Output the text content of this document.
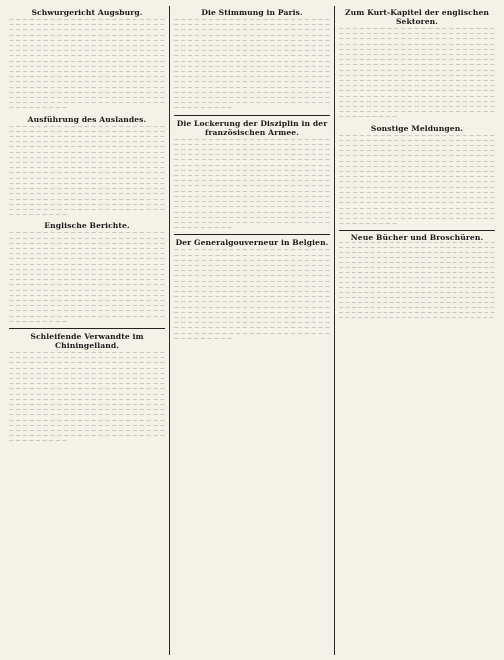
Schwurgericht Augsburg.
— — — — — — — — — — — — — — — — — — — — — — — — — — — — — — — — — — — — — — — — — — — — — — — — — — — — — — — — — — — — — — — — — — — — — — — — — — — — — — — — — — — — — — — — — — — — — — — — — — — — — — — — — — — — — — — — — — — — — — — — — — — — — — — — — — — — — — — — — — — — — — — — — — — — — — — — — — — — — — — — — — — — — — — — — — — — — — — — — — — — — — — — — — — — — — — — — — — — — — — — — — — — — — — — — — — — — — — — — — — — — — — — — — — — — — — — — — — — — — — — — — — — — — — — — — — — — — — — — — — — — — — — — — — — — — — — — — — — — — — — — — — — — — — — — — — — — — — — — — — — — — — — — — — — — — — — — — — — — — — — — — — — — — — — — — — — — — — — — — — — — — — — — — — — — — — — — — — — — — — — — — — — — — — — — — — — — — — — — — — — — — — — — — — — — — — — — — — — — — — —
Ausführung des Auslandes.
— — — — — — — — — — — — — — — — — — — — — — — — — — — — — — — — — — — — — — — — — — — — — — — — — — — — — — — — — — — — — — — — — — — — — — — — — — — — — — — — — — — — — — — — — — — — — — — — — — — — — — — — — — — — — — — — — — — — — — — — — — — — — — — — — — — — — — — — — — — — — — — — — — — — — — — — — — — — — — — — — — — — — — — — — — — — — — — — — — — — — — — — — — — — — — — — — — — — — — — — — — — — — — — — — — — — — — — — — — — — — — — — — — — — — — — — — — — — — — — — — — — — — — — — — — — — — — — — — — — — — — — — — — — — — — — — — — — — — — — — — — — — — — — — — — — — — — — — — — — — — — — — — — — — — — — — — — — — — — — — — — — — — — — — — — — — — — — — — — — — — — — — — — — — — — — — — — — — — — — — — — — — — — — — — — — — — — — — — — — — — — — — — — — — — — — — — — — — — — — —
Englische Berichte.
— — — — — — — — — — — — — — — — — — — — — — — — — — — — — — — — — — — — — — — — — — — — — — — — — — — — — — — — — — — — — — — — — — — — — — — — — — — — — — — — — — — — — — — — — — — — — — — — — — — — — — — — — — — — — — — — — — — — — — — — — — — — — — — — — — — — — — — — — — — — — — — — — — — — — — — — — — — — — — — — — — — — — — — — — — — — — — — — — — — — — — — — — — — — — — — — — — — — — — — — — — — — — — — — — — — — — — — — — — — — — — — — — — — — — — — — — — — — — — — — — — — — — — — — — — — — — — — — — — — — — — — — — — — — — — — — — — — — — — — — — — — — — — — — — — — — — — — — — — — — — — — — — — — — — — — — — — — — — — — — — — — — — — — — — — — — — — — — — — — — — — — — — — — — — — — — — — — — — — — — — — — — — — — — — — — — — — — — — — — — — — — — — — — — — — — — — — — — — — — —
Schleifende Verwandte im Chiningelland.
— — — — — — — — — — — — — — — — — — — — — — — — — — — — — — — — — — — — — — — — — — — — — — — — — — — — — — — — — — — — — — — — — — — — — — — — — — — — — — — — — — — — — — — — — — — — — — — — — — — — — — — — — — — — — — — — — — — — — — — — — — — — — — — — — — — — — — — — — — — — — — — — — — — — — — — — — — — — — — — — — — — — — — — — — — — — — — — — — — — — — — — — — — — — — — — — — — — — — — — — — — — — — — — — — — — — — — — — — — — — — — — — — — — — — — — — — — — — — — — — — — — — — — — — — — — — — — — — — — — — — — — — — — — — — — — — — — — — — — — — — — — — — — — — — — — — — — — — — — — — — — — — — — — — — — — — — — — — — — — — — — — — — — — — — — — — — — — — — — — — — — — — — — — — — — — — — — — — — — — — — — — — — — — — — — — — — — — — — — — — — — — — — — — — — — — — — — — — — — — —
Die Stimmung in Paris.
— — — — — — — — — — — — — — — — — — — — — — — — — — — — — — — — — — — — — — — — — — — — — — — — — — — — — — — — — — — — — — — — — — — — — — — — — — — — — — — — — — — — — — — — — — — — — — — — — — — — — — — — — — — — — — — — — — — — — — — — — — — — — — — — — — — — — — — — — — — — — — — — — — — — — — — — — — — — — — — — — — — — — — — — — — — — — — — — — — — — — — — — — — — — — — — — — — — — — — — — — — — — — — — — — — — — — — — — — — — — — — — — — — — — — — — — — — — — — — — — — — — — — — — — — — — — — — — — — — — — — — — — — — — — — — — — — — — — — — — — — — — — — — — — — — — — — — — — — — — — — — — — — — — — — — — — — — — — — — — — — — — — — — — — — — — — — — — — — — — — — — — — — — — — — — — — — — — — — — — — — — — — — — — — — — — — — — — — — — — — — — — — — — — — — — — — — — — — — — — —
Die Lockerung der Disziplin in der französischen Armee.
— — — — — — — — — — — — — — — — — — — — — — — — — — — — — — — — — — — — — — — — — — — — — — — — — — — — — — — — — — — — — — — — — — — — — — — — — — — — — — — — — — — — — — — — — — — — — — — — — — — — — — — — — — — — — — — — — — — — — — — — — — — — — — — — — — — — — — — — — — — — — — — — — — — — — — — — — — — — — — — — — — — — — — — — — — — — — — — — — — — — — — — — — — — — — — — — — — — — — — — — — — — — — — — — — — — — — — — — — — — — — — — — — — — — — — — — — — — — — — — — — — — — — — — — — — — — — — — — — — — — — — — — — — — — — — — — — — — — — — — — — — — — — — — — — — — — — — — — — — — — — — — — — — — — — — — — — — — — — — — — — — — — — — — — — — — — — — — — — — — — — — — — — — — — — — — — — — — — — — — — — — — — — — — — — — — — — — — — — — — — — — — — — — — — — — — — — — — — — — — —
Der Generalgouverneur in Belgien.
— — — — — — — — — — — — — — — — — — — — — — — — — — — — — — — — — — — — — — — — — — — — — — — — — — — — — — — — — — — — — — — — — — — — — — — — — — — — — — — — — — — — — — — — — — — — — — — — — — — — — — — — — — — — — — — — — — — — — — — — — — — — — — — — — — — — — — — — — — — — — — — — — — — — — — — — — — — — — — — — — — — — — — — — — — — — — — — — — — — — — — — — — — — — — — — — — — — — — — — — — — — — — — — — — — — — — — — — — — — — — — — — — — — — — — — — — — — — — — — — — — — — — — — — — — — — — — — — — — — — — — — — — — — — — — — — — — — — — — — — — — — — — — — — — — — — — — — — — — — — — — — — — — — — — — — — — — — — — — — — — — — — — — — — — — — — — — — — — — — — — — — — — — — — — — — — — — — — — — — — — — — — — — — — — — — — — — — — — — — — — — — — — — — — — — — — — — — — — — — —
Zum Kurt-Kapitel der englischen Sektoren.
— — — — — — — — — — — — — — — — — — — — — — — — — — — — — — — — — — — — — — — — — — — — — — — — — — — — — — — — — — — — — — — — — — — — — — — — — — — — — — — — — — — — — — — — — — — — — — — — — — — — — — — — — — — — — — — — — — — — — — — — — — — — — — — — — — — — — — — — — — — — — — — — — — — — — — — — — — — — — — — — — — — — — — — — — — — — — — — — — — — — — — — — — — — — — — — — — — — — — — — — — — — — — — — — — — — — — — — — — — — — — — — — — — — — — — — — — — — — — — — — — — — — — — — — — — — — — — — — — — — — — — — — — — — — — — — — — — — — — — — — — — — — — — — — — — — — — — — — — — — — — — — — — — — — — — — — — — — — — — — — — — — — — — — — — — — — — — — — — — — — — — — — — — — — — — — — — — — — — — — — — — — — — — — — — — — — — — — — — — — — — — — — — — — — — — — — — — — — — — — —
Sonstige Meldungen.
— — — — — — — — — — — — — — — — — — — — — — — — — — — — — — — — — — — — — — — — — — — — — — — — — — — — — — — — — — — — — — — — — — — — — — — — — — — — — — — — — — — — — — — — — — — — — — — — — — — — — — — — — — — — — — — — — — — — — — — — — — — — — — — — — — — — — — — — — — — — — — — — — — — — — — — — — — — — — — — — — — — — — — — — — — — — — — — — — — — — — — — — — — — — — — — — — — — — — — — — — — — — — — — — — — — — — — — — — — — — — — — — — — — — — — — — — — — — — — — — — — — — — — — — — — — — — — — — — — — — — — — — — — — — — — — — — — — — — — — — — — — — — — — — — — — — — — — — — — — — — — — — — — — — — — — — — — — — — — — — — — — — — — — — — — — — — — — — — — — — — — — — — — — — — — — — — — — — — — — — — — — — — — — — — — — — — — — — — — — — — — — — — — — — — — — — — — — — — — — —
Neue Bücher und Broschüren.
— — — — — — — — — — — — — — — — — — — — — — — — — — — — — — — — — — — — — — — — — — — — — — — — — — — — — — — — — — — — — — — — — — — — — — — — — — — — — — — — — — — — — — — — — — — — — — — — — — — — — — — — — — — — — — — — — — — — — — — — — — — — — — — — — — — — — — — — — — — — — — — — — — — — — — — — — — — — — — — — — — — — — — — — — — — — — — — — — — — — — — — — — — — — — — — — — — — — — — — — — — — — — — — — — — — — — — — — — — — — — — — — — — — — — — — — — — — — — — — — — — — — — — — — — — — — — — — — — — — — — — — — — — — — — — — — — — — — — — — — — — — — — — — — — — — — — — — — — — — — — — — — — — — — — — — — — — — — — — — — — — — — — — — — — — — — — — — — — — — — — — — — — — — — — — — — — — — — — — — — — — — — — — — — — — — — — — — — — — — — — — — — — — — — — — — — — — — — — — — —
